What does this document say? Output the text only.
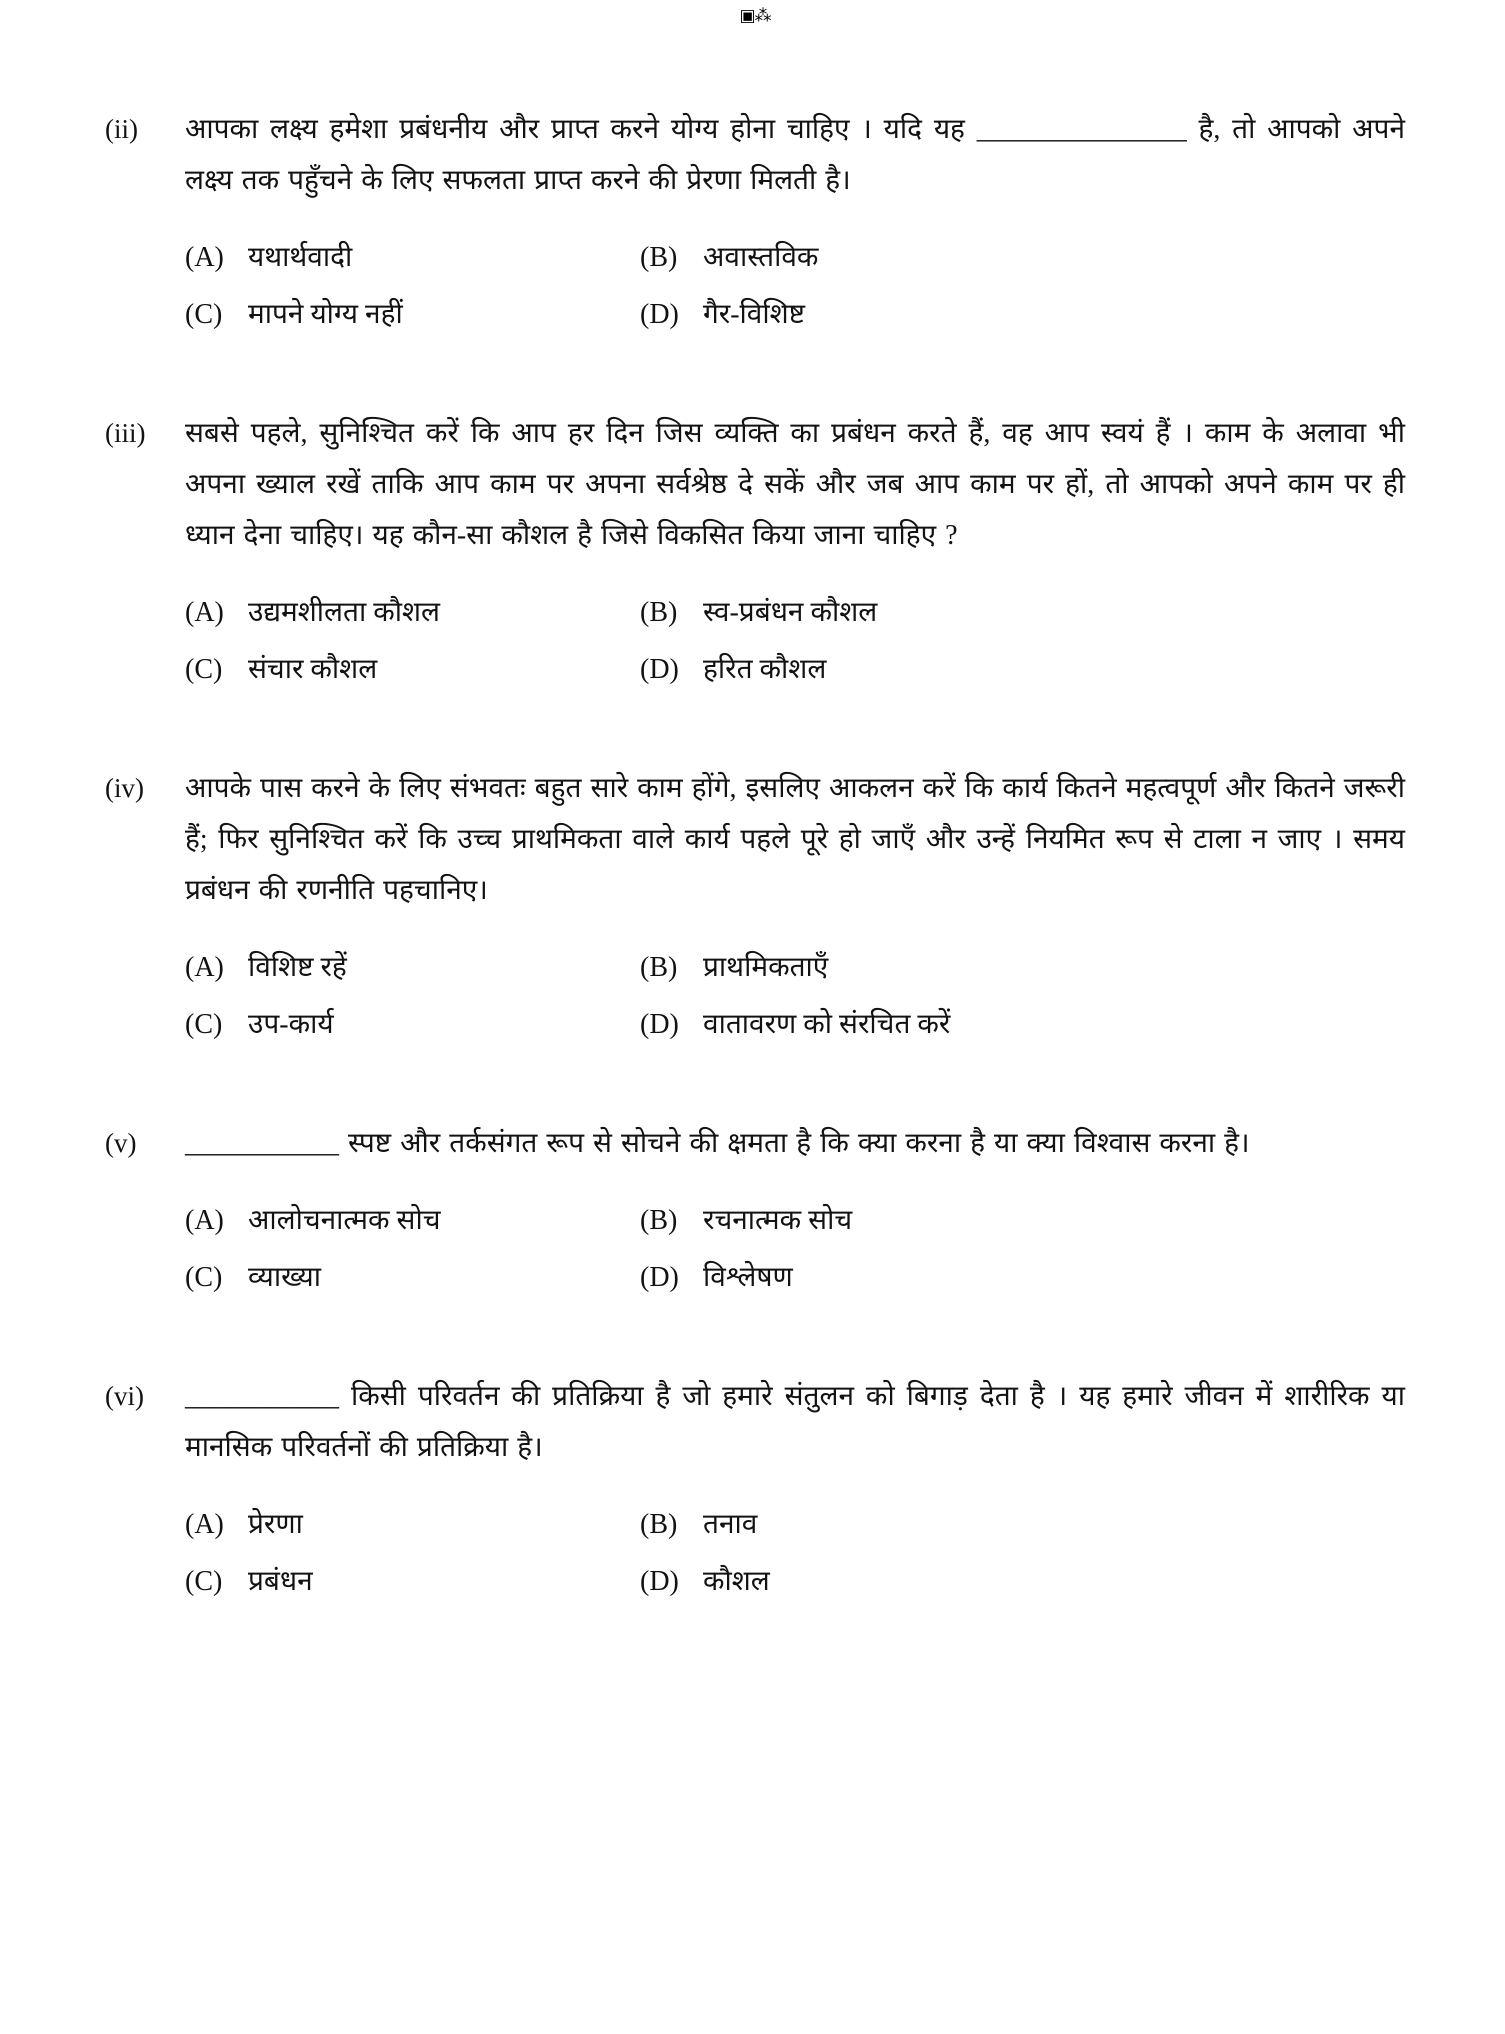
▣⁂
(ii)	आपका लक्ष्य हमेशा प्रबंधनीय और प्राप्त करने योग्य होना चाहिए । यदि यह _______________ है, तो आपको अपने लक्ष्य तक पहुँचने के लिए सफलता प्राप्त करने की प्रेरणा मिलती है।

(A) यथार्थवादी	(B) अवास्तविक
(C) मापने योग्य नहीं	(D) गैर-विशिष्ट
(iii)	सबसे पहले, सुनिश्चित करें कि आप हर दिन जिस व्यक्ति का प्रबंधन करते हैं, वह आप स्वयं हैं । काम के अलावा भी अपना ख्याल रखें ताकि आप काम पर अपना सर्वश्रेष्ठ दे सकें और जब आप काम पर हों, तो आपको अपने काम पर ही ध्यान देना चाहिए। यह कौन-सा कौशल है जिसे विकसित किया जाना चाहिए ?

(A) उद्यमशीलता कौशल	(B) स्व-प्रबंधन कौशल
(C) संचार कौशल	(D) हरित कौशल
(iv)	आपके पास करने के लिए संभवतः बहुत सारे काम होंगे, इसलिए आकलन करें कि कार्य कितने महत्वपूर्ण और कितने जरूरी हैं; फिर सुनिश्चित करें कि उच्च प्राथमिकता वाले कार्य पहले पूरे हो जाएँ और उन्हें नियमित रूप से टाला न जाए । समय प्रबंधन की रणनीति पहचानिए।

(A) विशिष्ट रहें	(B) प्राथमिकताएँ
(C) उप-कार्य	(D) वातावरण को संरचित करें
(v)	___________ स्पष्ट और तर्कसंगत रूप से सोचने की क्षमता है कि क्या करना है या क्या विश्वास करना है।

(A) आलोचनात्मक सोच	(B) रचनात्मक सोच
(C) व्याख्या	(D) विश्लेषण
(vi)	___________ किसी परिवर्तन की प्रतिक्रिया है जो हमारे संतुलन को बिगाड़ देता है । यह हमारे जीवन में शारीरिक या मानसिक परिवर्तनों की प्रतिक्रिया है।

(A) प्रेरणा	(B) तनाव
(C) प्रबंधन	(D) कौशल
